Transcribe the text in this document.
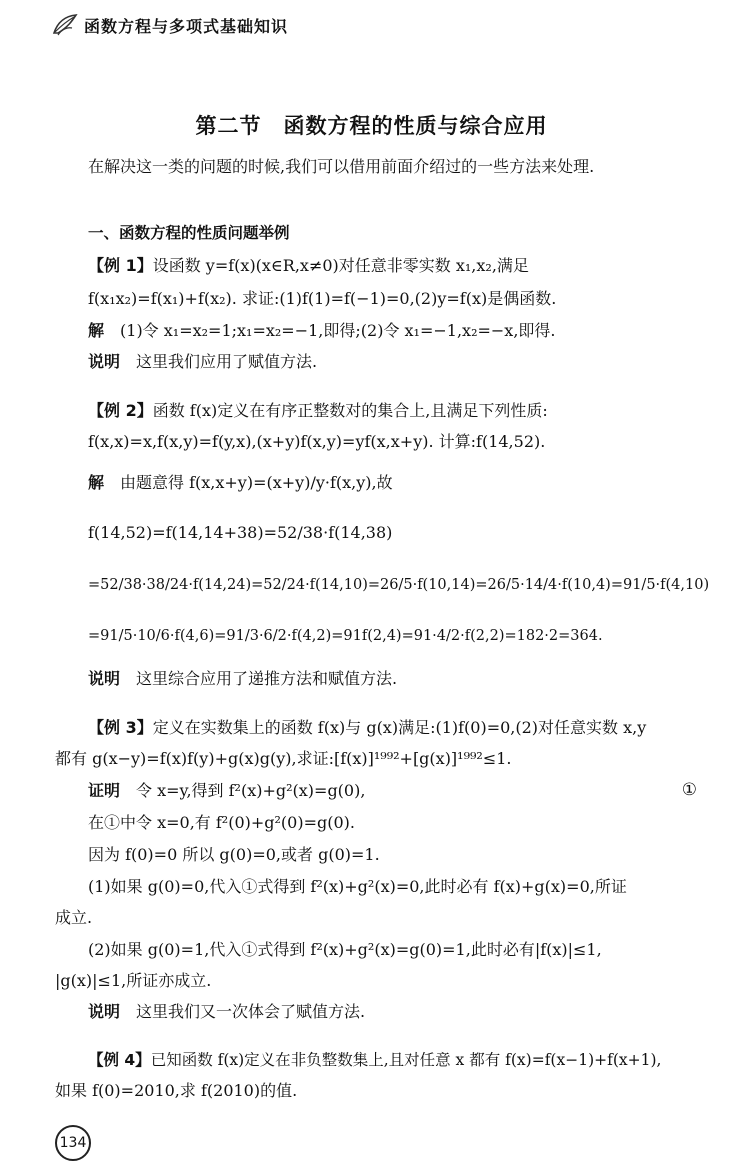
函数方程与多项式基础知识
第二节 函数方程的性质与综合应用
在解决这一类的问题的时候,我们可以借用前面介绍过的一些方法来处理.
一、函数方程的性质问题举例
【例 1】设函数 y=f(x)(x∈R,x≠0)对任意非零实数 x₁,x₂,满足
f(x₁x₂)=f(x₁)+f(x₂). 求证:(1)f(1)=f(−1)=0,(2)y=f(x)是偶函数.
解　(1)令 x₁=x₂=1;x₁=x₂=−1,即得;(2)令 x₁=−1,x₂=−x,即得.
说明　这里我们应用了赋值方法.
【例 2】函数 f(x)定义在有序正整数对的集合上,且满足下列性质:
f(x,x)=x,f(x,y)=f(y,x),(x+y)f(x,y)=yf(x,x+y). 计算:f(14,52).
解　由题意得 f(x,x+y)=(x+y)/y·f(x,y),故
f(14,52)=f(14,14+38)=52/38·f(14,38)
=52/38·38/24·f(14,24)=52/24·f(14,10)=26/5·f(10,14)=26/5·14/4·f(10,4)=91/5·f(4,10)
=91/5·10/6·f(4,6)=91/3·6/2·f(4,2)=91f(2,4)=91·4/2·f(2,2)=182·2=364.
说明　这里综合应用了递推方法和赋值方法.
【例 3】定义在实数集上的函数 f(x)与 g(x)满足:(1)f(0)=0,(2)对任意实数 x,y
都有 g(x−y)=f(x)f(y)+g(x)g(y),求证:[f(x)]¹⁹⁹²+[g(x)]¹⁹⁹²≤1.
证明　令 x=y,得到 f²(x)+g²(x)=g(0),	①
在①中令 x=0,有 f²(0)+g²(0)=g(0).
因为 f(0)=0 所以 g(0)=0,或者 g(0)=1.
(1)如果 g(0)=0,代入①式得到 f²(x)+g²(x)=0,此时必有 f(x)+g(x)=0,所证
成立.
(2)如果 g(0)=1,代入①式得到 f²(x)+g²(x)=g(0)=1,此时必有|f(x)|≤1,
|g(x)|≤1,所证亦成立.
说明　这里我们又一次体会了赋值方法.
【例 4】已知函数 f(x)定义在非负整数集上,且对任意 x 都有 f(x)=f(x−1)+f(x+1),
如果 f(0)=2010,求 f(2010)的值.
134
